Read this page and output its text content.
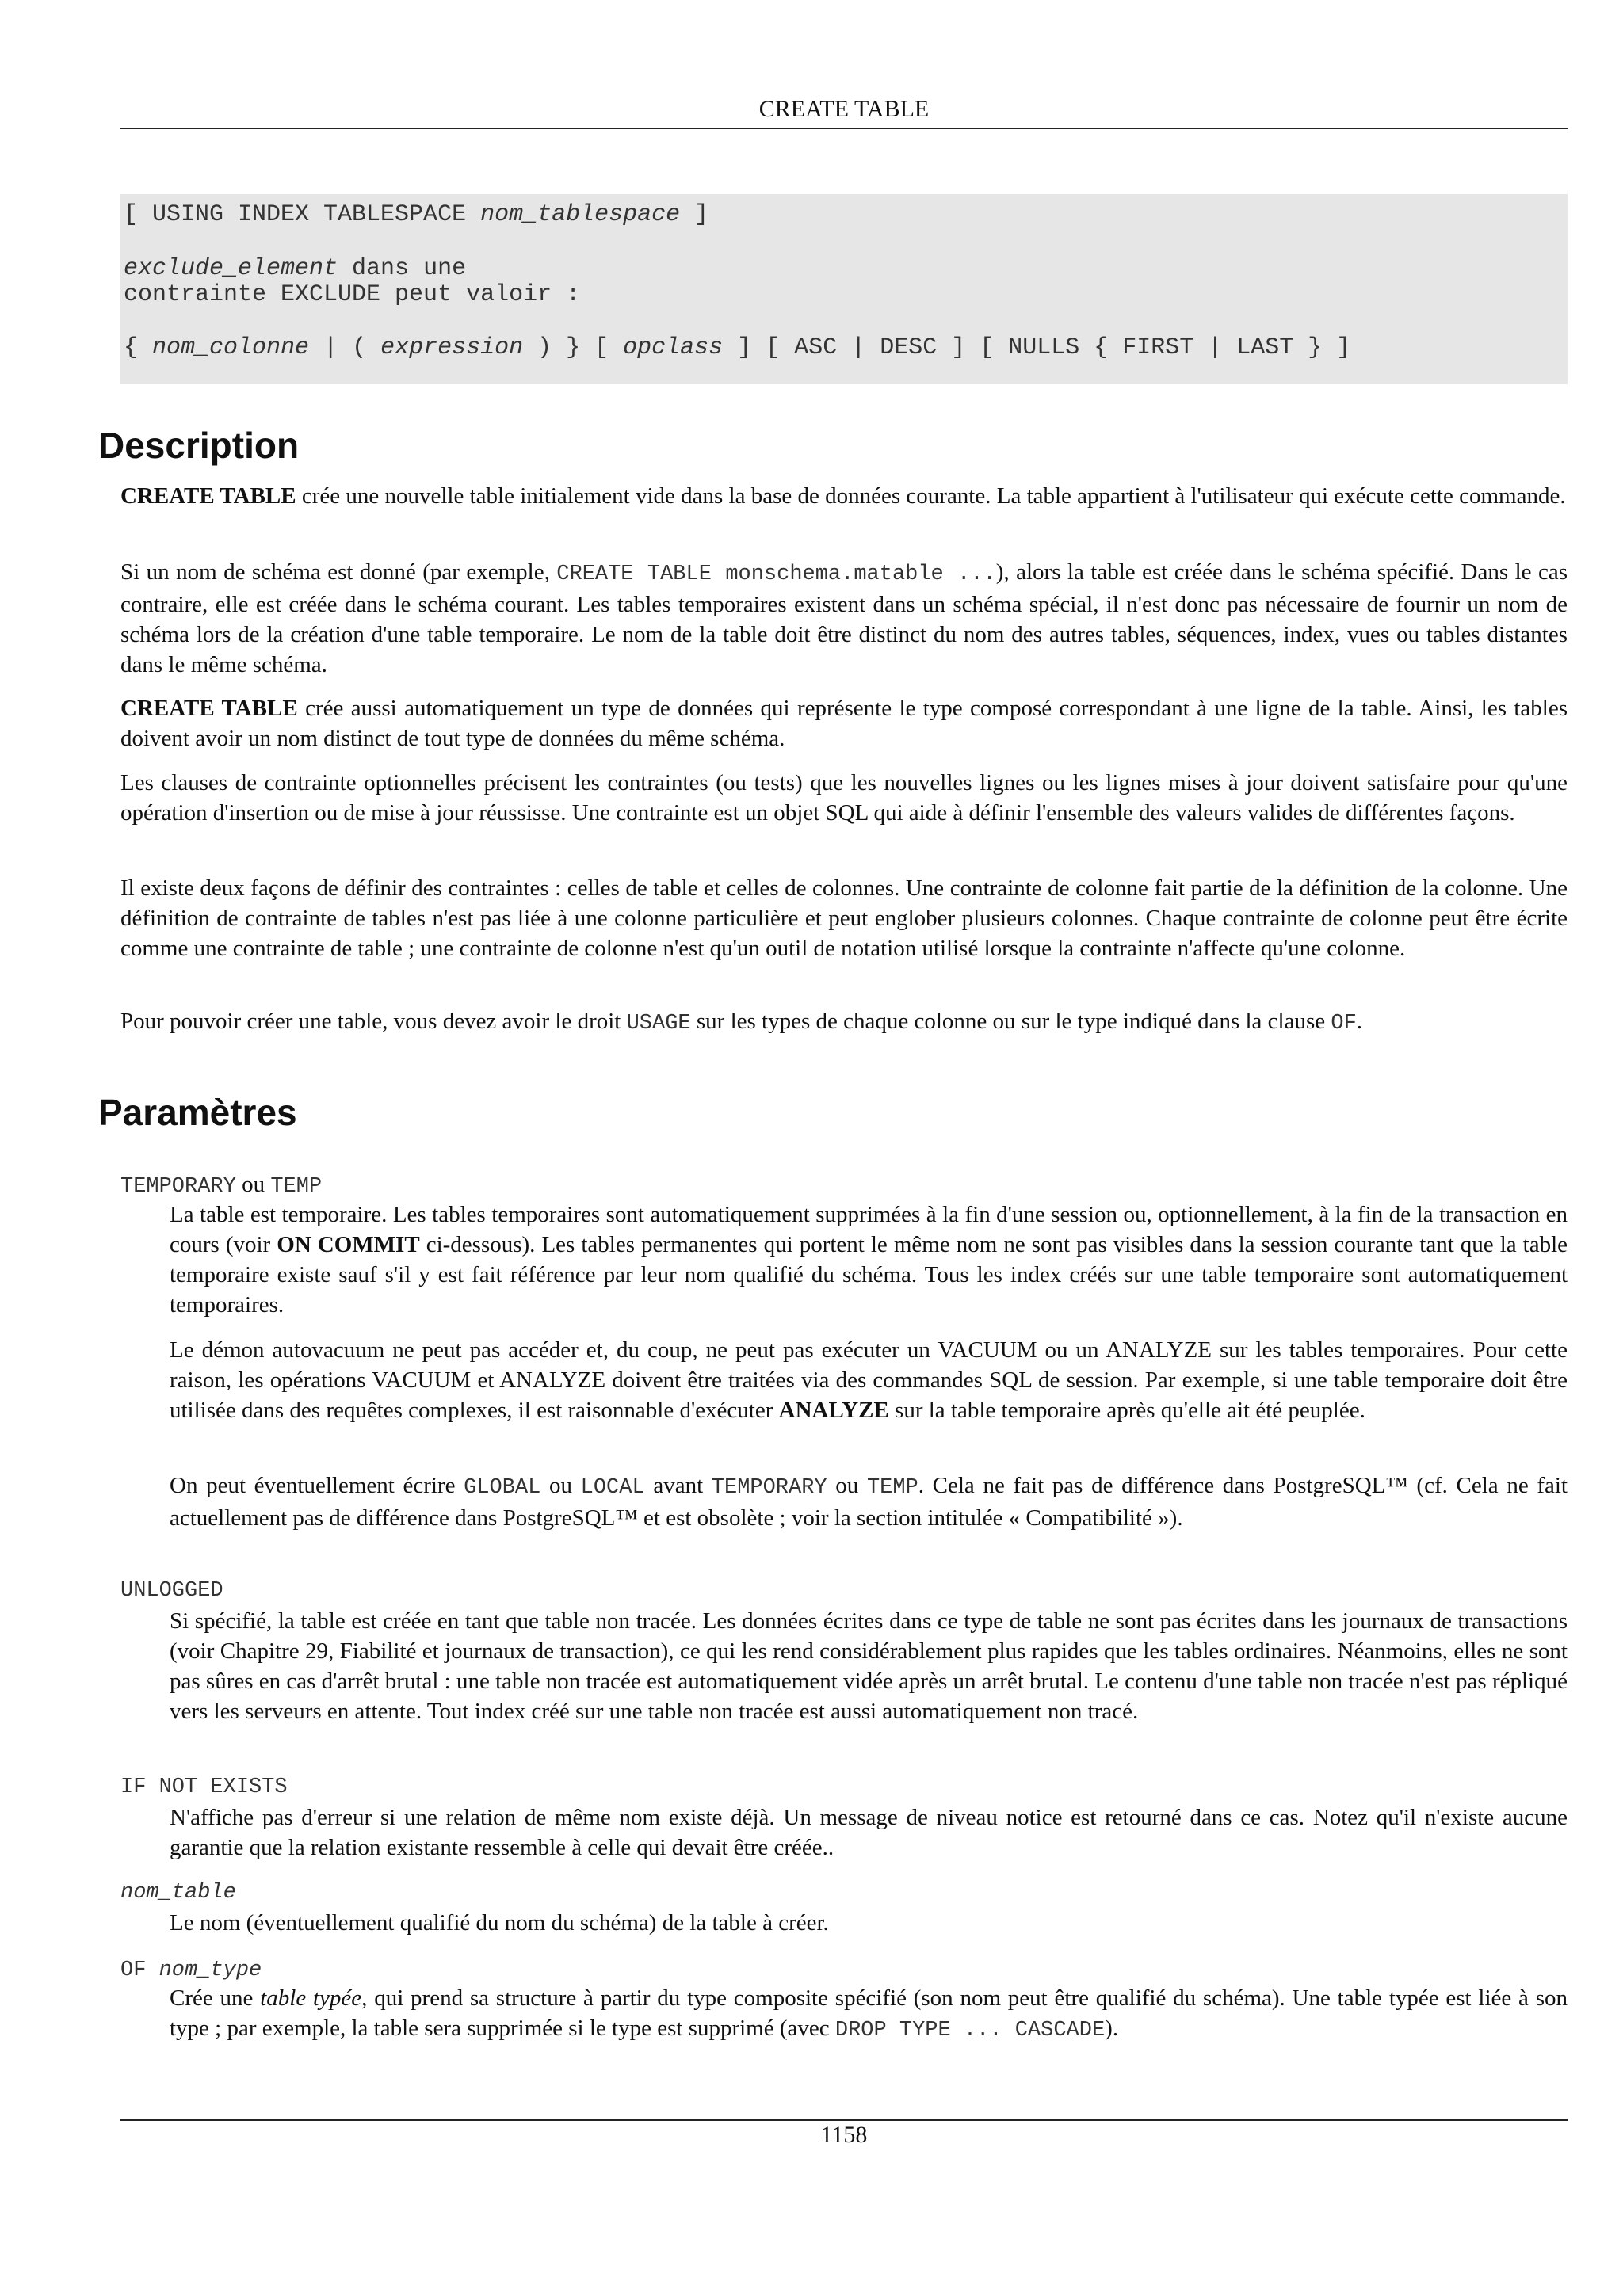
CREATE TABLE
[ USING INDEX TABLESPACE nom_tablespace ]
exclude_element dans une
contrainte EXCLUDE peut valoir :
{ nom_colonne | ( expression ) } [ opclass ] [ ASC | DESC ] [ NULLS { FIRST | LAST } ]
Description

CREATE TABLE crée une nouvelle table initialement vide dans la base de données courante. La table appartient à l'utilisateur qui exécute cette commande.

Si un nom de schéma est donné (par exemple, CREATE TABLE monschema.matable ...), alors la table est créée dans le schéma spécifié. Dans le cas contraire, elle est créée dans le schéma courant. Les tables temporaires existent dans un schéma spécial, il n'est donc pas nécessaire de fournir un nom de schéma lors de la création d'une table temporaire. Le nom de la table doit être distinct du nom des autres tables, séquences, index, vues ou tables distantes dans le même schéma.

CREATE TABLE crée aussi automatiquement un type de données qui représente le type composé correspondant à une ligne de la table. Ainsi, les tables doivent avoir un nom distinct de tout type de données du même schéma.

Les clauses de contrainte optionnelles précisent les contraintes (ou tests) que les nouvelles lignes ou les lignes mises à jour doivent satisfaire pour qu'une opération d'insertion ou de mise à jour réussisse. Une contrainte est un objet SQL qui aide à définir l'ensemble des valeurs valides de différentes façons.

Il existe deux façons de définir des contraintes : celles de table et celles de colonnes. Une contrainte de colonne fait partie de la définition de la colonne. Une définition de contrainte de tables n'est pas liée à une colonne particulière et peut englober plusieurs colonnes. Chaque contrainte de colonne peut être écrite comme une contrainte de table ; une contrainte de colonne n'est qu'un outil de notation utilisé lorsque la contrainte n'affecte qu'une colonne.

Pour pouvoir créer une table, vous devez avoir le droit USAGE sur les types de chaque colonne ou sur le type indiqué dans la clause OF.

Paramètres
TEMPORARY ou TEMP

La table est temporaire. Les tables temporaires sont automatiquement supprimées à la fin d'une session ou, optionnellement, à la fin de la transaction en cours (voir ON COMMIT ci-dessous). Les tables permanentes qui portent le même nom ne sont pas visibles dans la session courante tant que la table temporaire existe sauf s'il y est fait référence par leur nom qualifié du schéma. Tous les index créés sur une table temporaire sont automatiquement temporaires.

Le démon autovacuum ne peut pas accéder et, du coup, ne peut pas exécuter un VACUUM ou un ANALYZE sur les tables temporaires. Pour cette raison, les opérations VACUUM et ANALYZE doivent être traitées via des commandes SQL de session. Par exemple, si une table temporaire doit être utilisée dans des requêtes complexes, il est raisonnable d'exécuter ANALYZE sur la table temporaire après qu'elle ait été peuplée.

On peut éventuellement écrire GLOBAL ou LOCAL avant TEMPORARY ou TEMP. Cela ne fait pas de différence dans PostgreSQL™ (cf. Cela ne fait actuellement pas de différence dans PostgreSQL™ et est obsolète ; voir la section intitulée « Compatibilité »).

UNLOGGED

Si spécifié, la table est créée en tant que table non tracée. Les données écrites dans ce type de table ne sont pas écrites dans les journaux de transactions (voir Chapitre 29, Fiabilité et journaux de transaction), ce qui les rend considérablement plus rapides que les tables ordinaires. Néanmoins, elles ne sont pas sûres en cas d'arrêt brutal : une table non tracée est automatiquement vidée après un arrêt brutal. Le contenu d'une table non tracée n'est pas répliqué vers les serveurs en attente. Tout index créé sur une table non tracée est aussi automatiquement non tracé.

IF NOT EXISTS

N'affiche pas d'erreur si une relation de même nom existe déjà. Un message de niveau notice est retourné dans ce cas. Notez qu'il n'existe aucune garantie que la relation existante ressemble à celle qui devait être créée..

nom_table

Le nom (éventuellement qualifié du nom du schéma) de la table à créer.

OF nom_type

Crée une table typée, qui prend sa structure à partir du type composite spécifié (son nom peut être qualifié du schéma). Une table typée est liée à son type ; par exemple, la table sera supprimée si le type est supprimé (avec DROP TYPE ... CASCADE).

1158
